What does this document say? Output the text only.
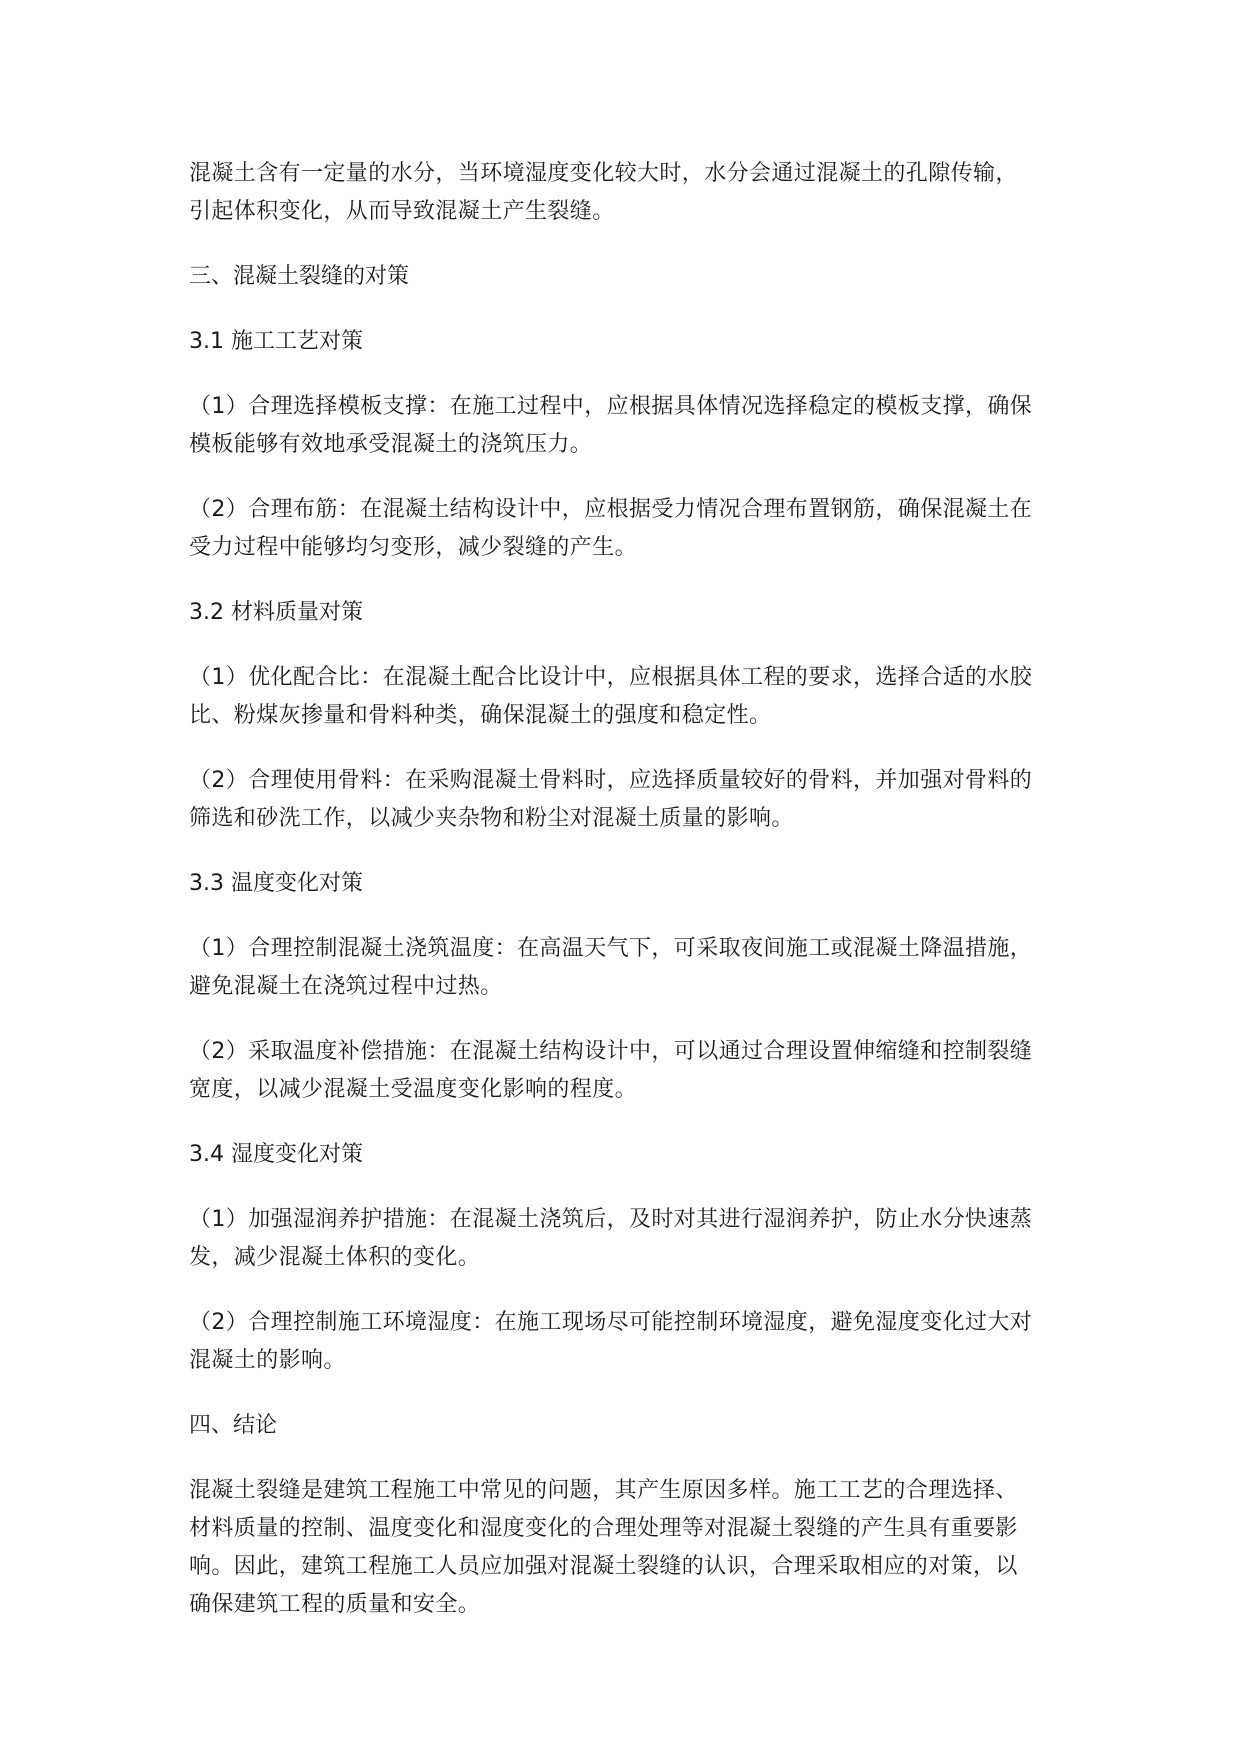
混凝土含有一定量的水分，当环境湿度变化较大时，水分会通过混凝土的孔隙传输，
引起体积变化，从而导致混凝土产生裂缝。
三、混凝土裂缝的对策
3.1 施工工艺对策
（1）合理选择模板支撑：在施工过程中，应根据具体情况选择稳定的模板支撑，确保
模板能够有效地承受混凝土的浇筑压力。
（2）合理布筋：在混凝土结构设计中，应根据受力情况合理布置钢筋，确保混凝土在
受力过程中能够均匀变形，减少裂缝的产生。
3.2 材料质量对策
（1）优化配合比：在混凝土配合比设计中，应根据具体工程的要求，选择合适的水胶
比、粉煤灰掺量和骨料种类，确保混凝土的强度和稳定性。
（2）合理使用骨料：在采购混凝土骨料时，应选择质量较好的骨料，并加强对骨料的
筛选和砂洗工作，以减少夹杂物和粉尘对混凝土质量的影响。
3.3 温度变化对策
（1）合理控制混凝土浇筑温度：在高温天气下，可采取夜间施工或混凝土降温措施，
避免混凝土在浇筑过程中过热。
（2）采取温度补偿措施：在混凝土结构设计中，可以通过合理设置伸缩缝和控制裂缝
宽度，以减少混凝土受温度变化影响的程度。
3.4 湿度变化对策
（1）加强湿润养护措施：在混凝土浇筑后，及时对其进行湿润养护，防止水分快速蒸
发，减少混凝土体积的变化。
（2）合理控制施工环境湿度：在施工现场尽可能控制环境湿度，避免湿度变化过大对
混凝土的影响。
四、结论
混凝土裂缝是建筑工程施工中常见的问题，其产生原因多样。施工工艺的合理选择、
材料质量的控制、温度变化和湿度变化的合理处理等对混凝土裂缝的产生具有重要影
响。因此，建筑工程施工人员应加强对混凝土裂缝的认识，合理采取相应的对策，以
确保建筑工程的质量和安全。
